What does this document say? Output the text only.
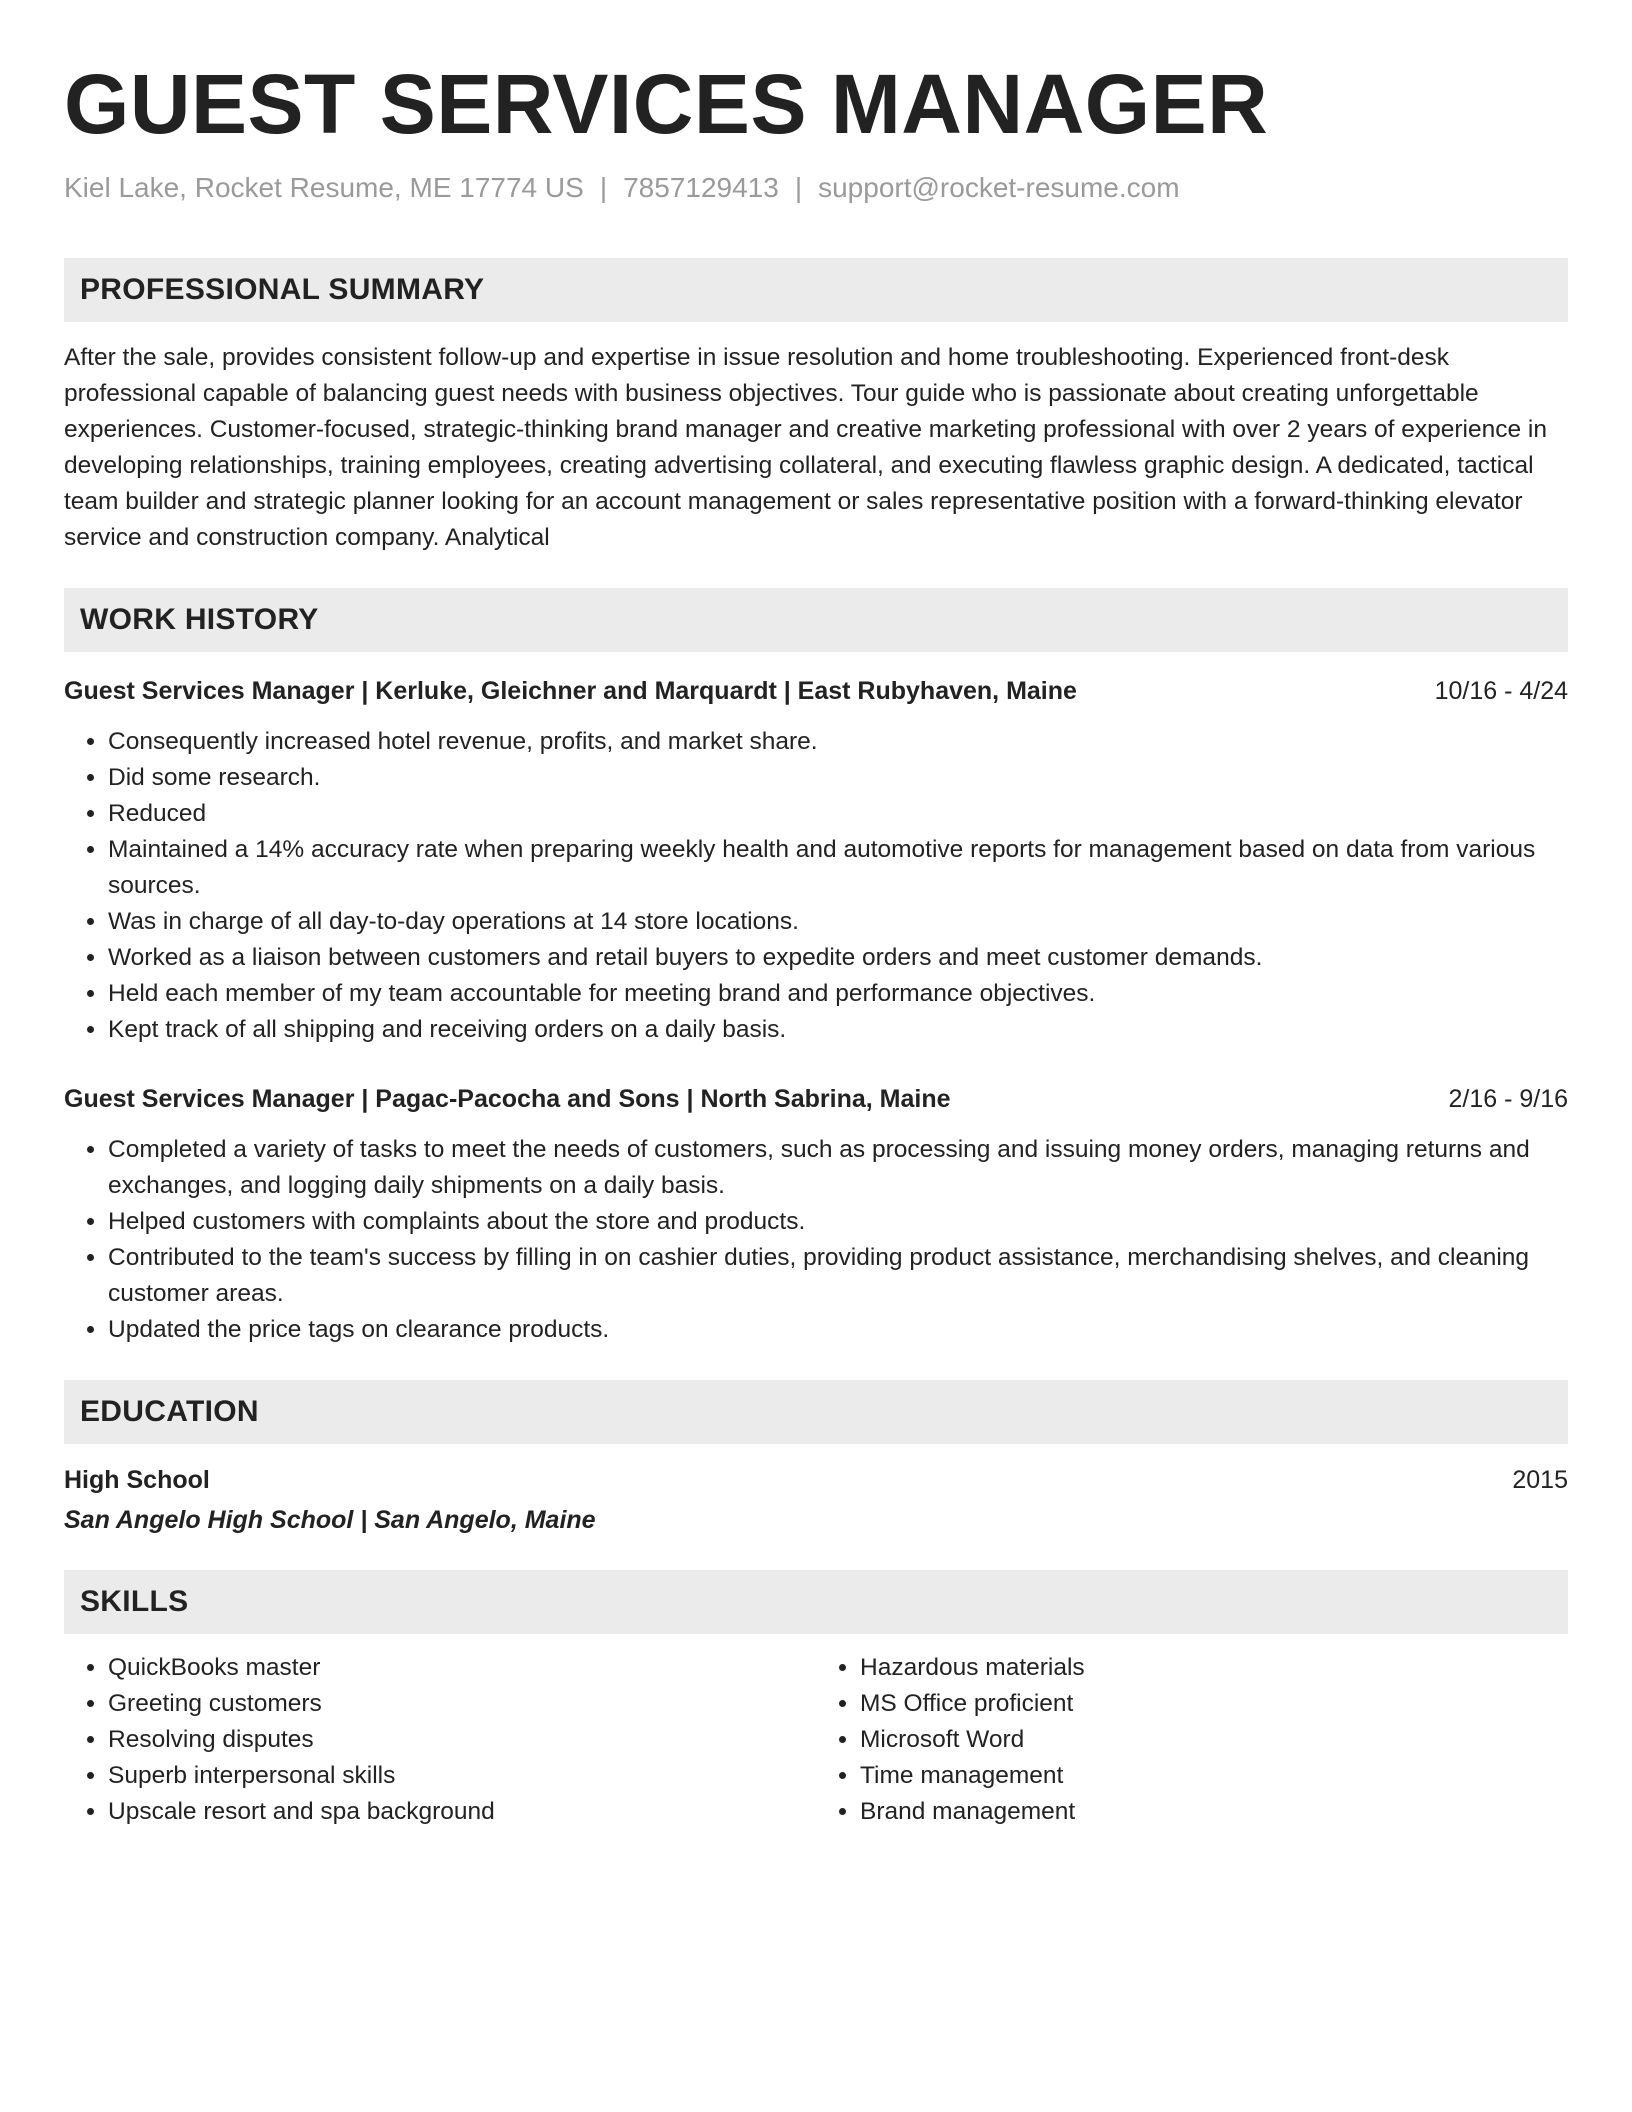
GUEST SERVICES MANAGER
Kiel Lake, Rocket Resume, ME 17774 US | 7857129413 | support@rocket-resume.com
PROFESSIONAL SUMMARY
After the sale, provides consistent follow-up and expertise in issue resolution and home troubleshooting. Experienced front-desk professional capable of balancing guest needs with business objectives. Tour guide who is passionate about creating unforgettable experiences. Customer-focused, strategic-thinking brand manager and creative marketing professional with over 2 years of experience in developing relationships, training employees, creating advertising collateral, and executing flawless graphic design. A dedicated, tactical team builder and strategic planner looking for an account management or sales representative position with a forward-thinking elevator service and construction company. Analytical
WORK HISTORY
Guest Services Manager | Kerluke, Gleichner and Marquardt | East Rubyhaven, Maine	10/16 - 4/24
• Consequently increased hotel revenue, profits, and market share.
• Did some research.
• Reduced
• Maintained a 14% accuracy rate when preparing weekly health and automotive reports for management based on data from various sources.
• Was in charge of all day-to-day operations at 14 store locations.
• Worked as a liaison between customers and retail buyers to expedite orders and meet customer demands.
• Held each member of my team accountable for meeting brand and performance objectives.
• Kept track of all shipping and receiving orders on a daily basis.
Guest Services Manager | Pagac-Pacocha and Sons | North Sabrina, Maine	2/16 - 9/16
• Completed a variety of tasks to meet the needs of customers, such as processing and issuing money orders, managing returns and exchanges, and logging daily shipments on a daily basis.
• Helped customers with complaints about the store and products.
• Contributed to the team's success by filling in on cashier duties, providing product assistance, merchandising shelves, and cleaning customer areas.
• Updated the price tags on clearance products.
EDUCATION
High School	2015
San Angelo High School | San Angelo, Maine
SKILLS
• QuickBooks master
• Greeting customers
• Resolving disputes
• Superb interpersonal skills
• Upscale resort and spa background
• Hazardous materials
• MS Office proficient
• Microsoft Word
• Time management
• Brand management
